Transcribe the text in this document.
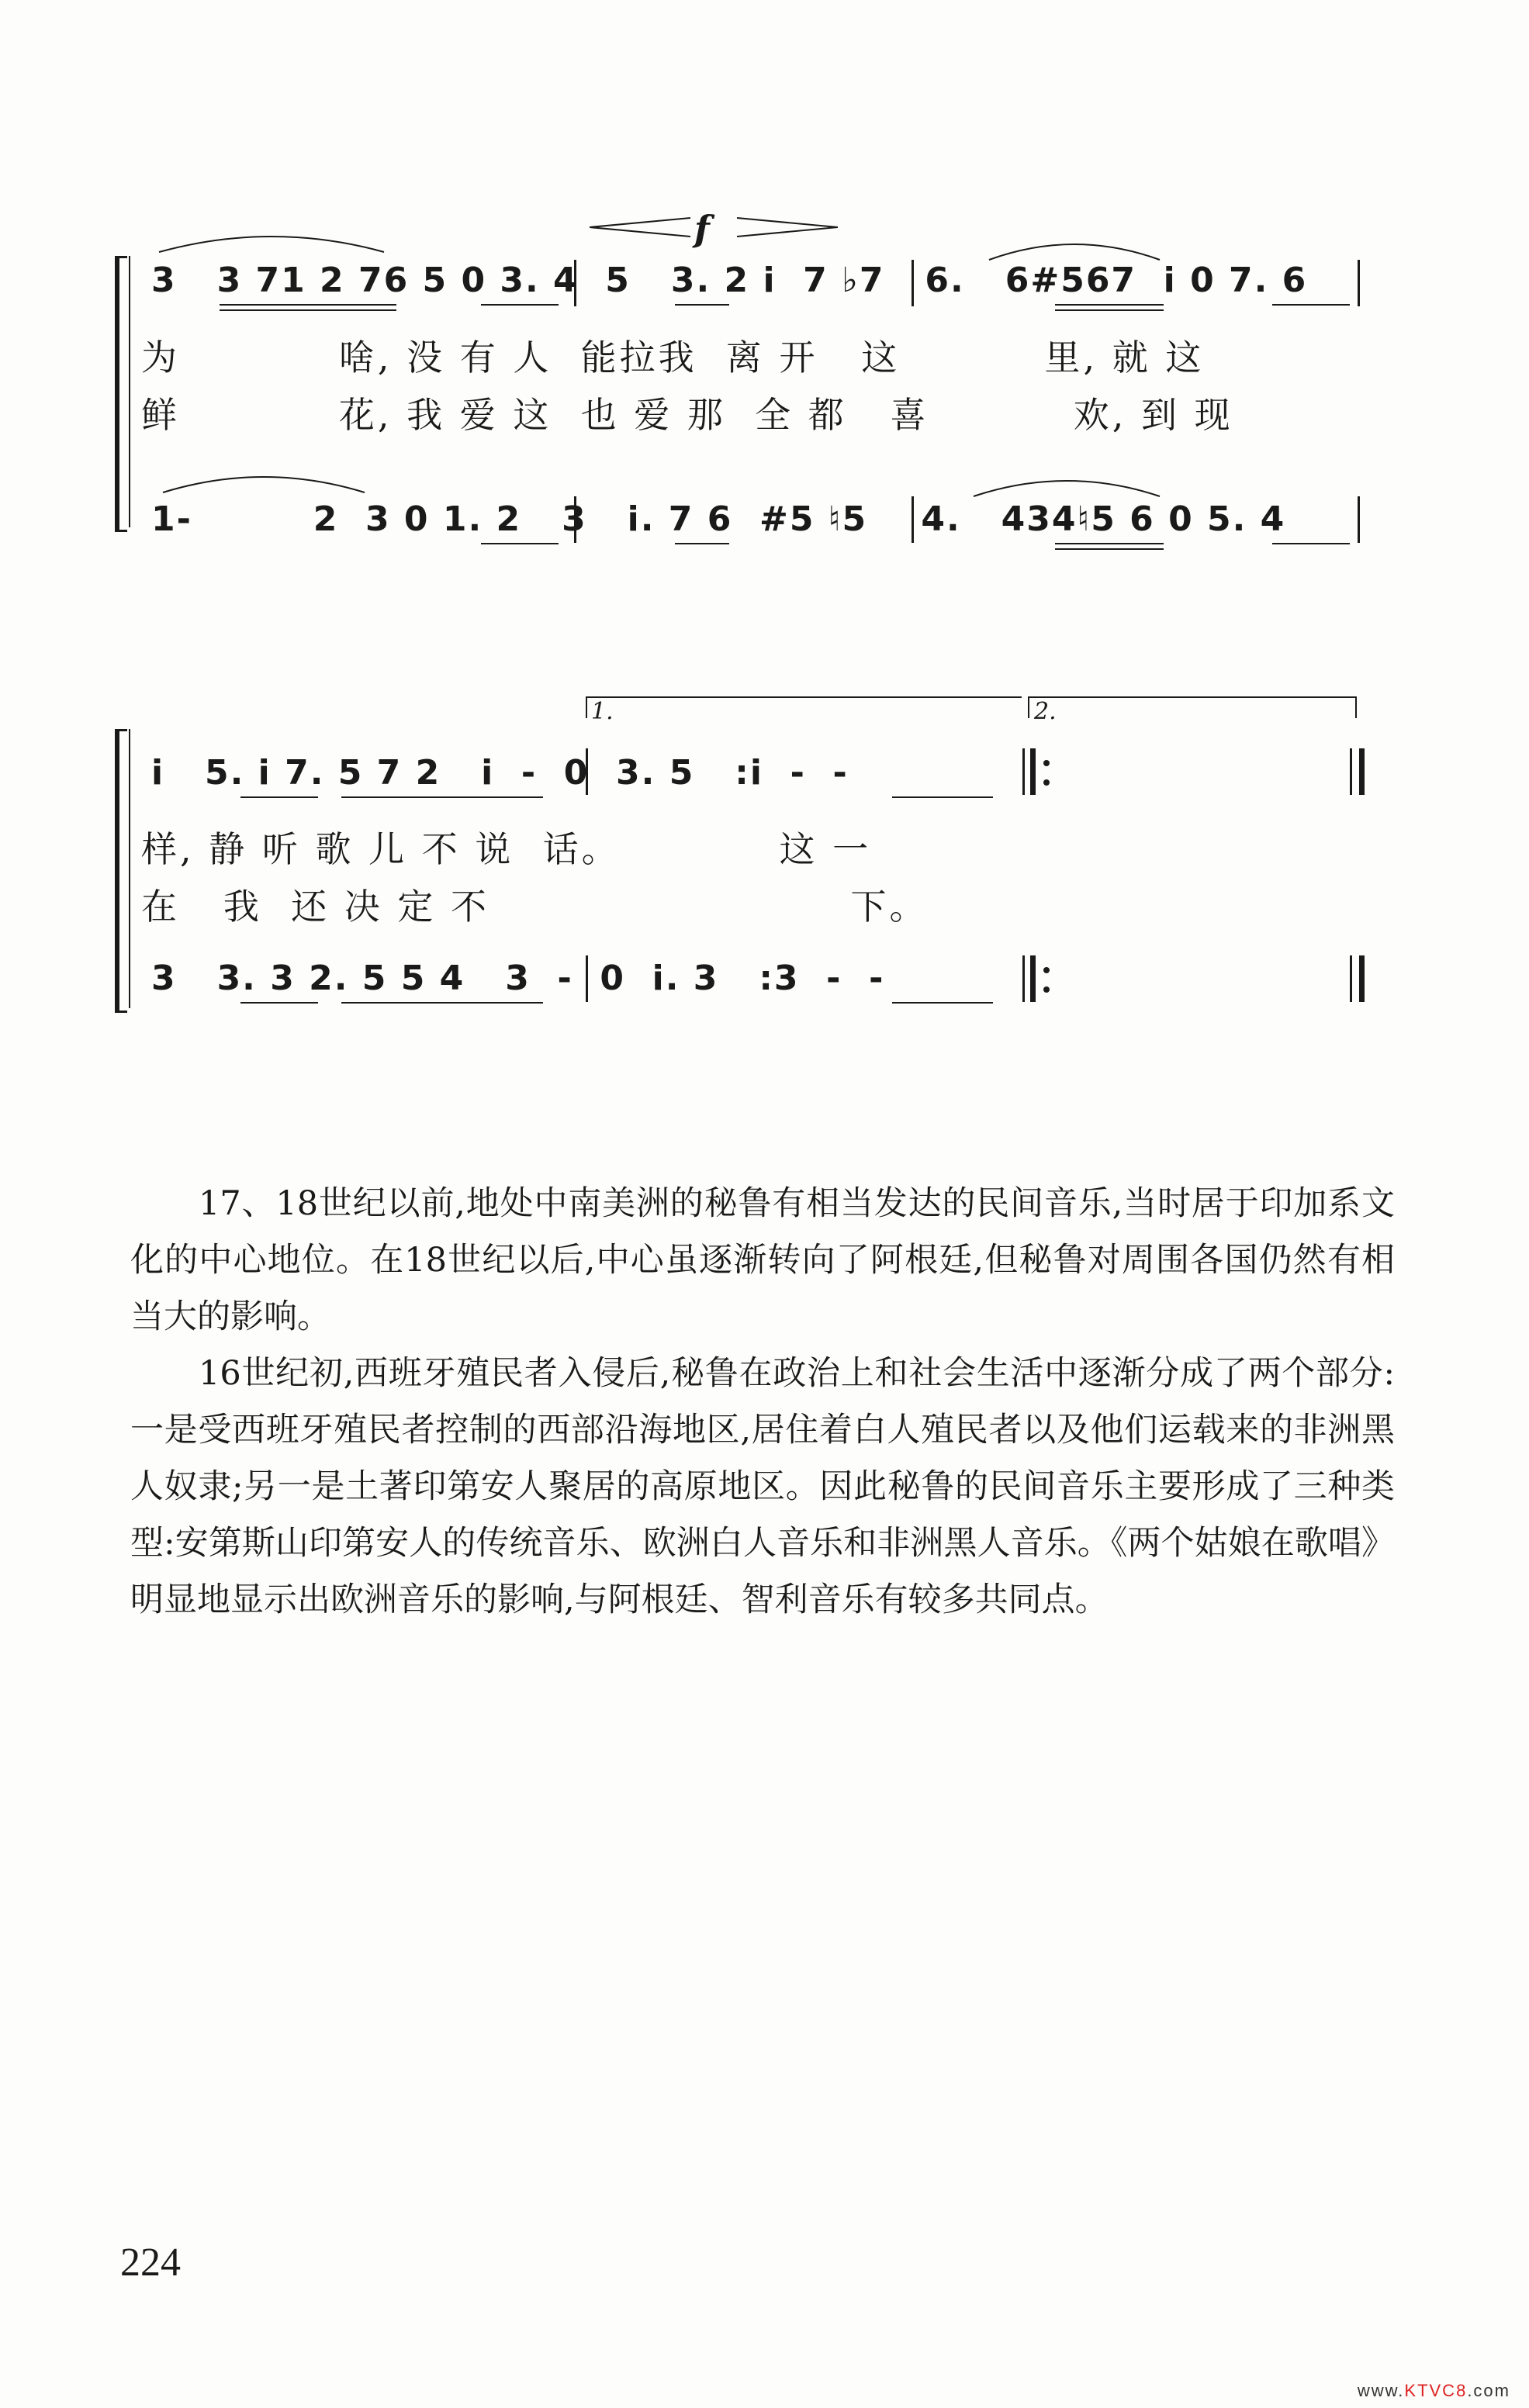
f
3   3 71 2 76 5 0 3. 4  5   3. 2 i  7 ♭7   6.   6#567  i 0 7. 6
为           啥, 没 有 人  能拉我  离 开   这          里, 就 这
鲜           花, 我 爱 这  也 爱 那  全 都   喜          欢, 到 现
1-         2  3 0 1. 2   3   i. 7 6  #5 ♮5    4.   434♮5 6 0 5. 4
1.	2.
i   5. i 7. 5 7 2   i  -  0  3. 5   :i  -  -
样, 静 听 歌 儿 不 说  话。           这 一
在   我  还 决 定 不                         下。
3   3. 3 2. 5 5 4   3  -  0  i. 3   :3  -  -

17、18世纪以前,地处中南美洲的秘鲁有相当发达的民间音乐,当时居于印加系文化的中心地位。在18世纪以后,中心虽逐渐转向了阿根廷,但秘鲁对周围各国仍然有相当大的影响。

16世纪初,西班牙殖民者入侵后,秘鲁在政治上和社会生活中逐渐分成了两个部分:一是受西班牙殖民者控制的西部沿海地区,居住着白人殖民者以及他们运载来的非洲黑人奴隶;另一是土著印第安人聚居的高原地区。因此秘鲁的民间音乐主要形成了三种类型:安第斯山印第安人的传统音乐、欧洲白人音乐和非洲黑人音乐。《两个姑娘在歌唱》明显地显示出欧洲音乐的影响,与阿根廷、智利音乐有较多共同点。

224
www.KTVC8.com
